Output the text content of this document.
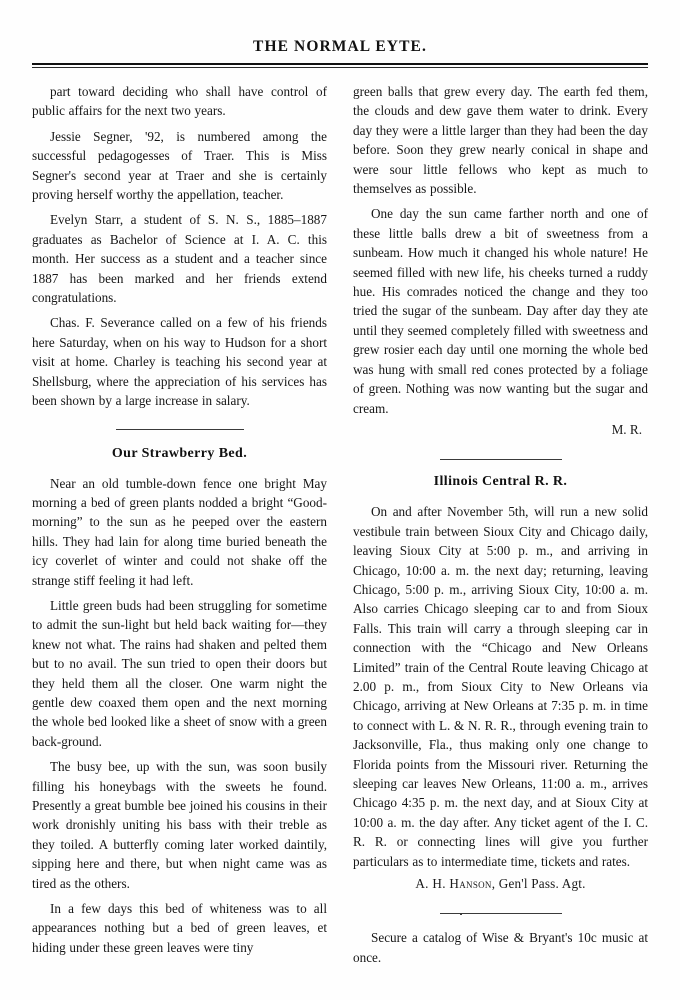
THE NORMAL EYTE.

part toward deciding who shall have control of public affairs for the next two years.

Jessie Segner, '92, is numbered among the successful pedagogesses of Traer. This is Miss Segner's second year at Traer and she is certainly proving herself worthy the appellation, teacher.

Evelyn Starr, a student of S. N. S., 1885–1887 graduates as Bachelor of Science at I. A. C. this month. Her success as a student and a teacher since 1887 has been marked and her friends extend congratulations.

Chas. F. Severance called on a few of his friends here Saturday, when on his way to Hudson for a short visit at home. Charley is teaching his second year at Shellsburg, where the appreciation of his services has been shown by a large increase in salary.

Our Strawberry Bed.

Near an old tumble-down fence one bright May morning a bed of green plants nodded a bright “Good-morning” to the sun as he peeped over the eastern hills. They had lain for along time buried beneath the icy coverlet of winter and could not shake off the strange stiff feeling it had left.

Little green buds had been struggling for sometime to admit the sun-light but held back waiting for—they knew not what. The rains had shaken and pelted them but to no avail. The sun tried to open their doors but they held them all the closer. One warm night the gentle dew coaxed them open and the next morning the whole bed looked like a sheet of snow with a green back-ground.

The busy bee, up with the sun, was soon busily filling his honeybags with the sweets he found. Presently a great bumble bee joined his cousins in their work dronishly uniting his bass with their treble as they toiled. A butterfly coming later worked daintily, sipping here and there, but when night came was as tired as the others.

In a few days this bed of whiteness was to all appearances nothing but a bed of green leaves, et hiding under these green leaves were tiny

green balls that grew every day. The earth fed them, the clouds and dew gave them water to drink. Every day they were a little larger than they had been the day before. Soon they grew nearly conical in shape and were sour little fellows who kept as much to themselves as possible.

One day the sun came farther north and one of these little balls drew a bit of sweetness from a sunbeam. How much it changed his whole nature! He seemed filled with new life, his cheeks turned a ruddy hue. His comrades noticed the change and they too tried the sugar of the sunbeam. Day after day they ate until they seemed completely filled with sweetness and grew rosier each day until one morning the whole bed was hung with small red cones protected by a foliage of green. Nothing was now wanting but the sugar and cream.

M. R.
Illinois Central R. R.

On and after November 5th, will run a new solid vestibule train between Sioux City and Chicago daily, leaving Sioux City at 5:00 p. m., and arriving in Chicago, 10:00 a. m. the next day; returning, leaving Chicago, 5:00 p. m., arriving Sioux City, 10:00 a. m. Also carries Chicago sleeping car to and from Sioux Falls. This train will carry a through sleeping car in connection with the “Chicago and New Orleans Limited” train of the Central Route leaving Chicago at 2.00 p. m., from Sioux City to New Orleans via Chicago, arriving at New Orleans at 7:35 p. m. in time to connect with L. & N. R. R., through evening train to Jacksonville, Fla., thus making only one change to Florida points from the Missouri river. Returning the sleeping car leaves New Orleans, 11:00 a. m., arrives Chicago 4:35 p. m. the next day, and at Sioux City at 10:00 a. m. the day after. Any ticket agent of the I. C. R. R. or connecting lines will give you further particulars as to intermediate time, tickets and rates.

A. H. Hanson, Gen'l Pass. Agt.

Secure a catalog of Wise & Bryant's 10c music at once.
